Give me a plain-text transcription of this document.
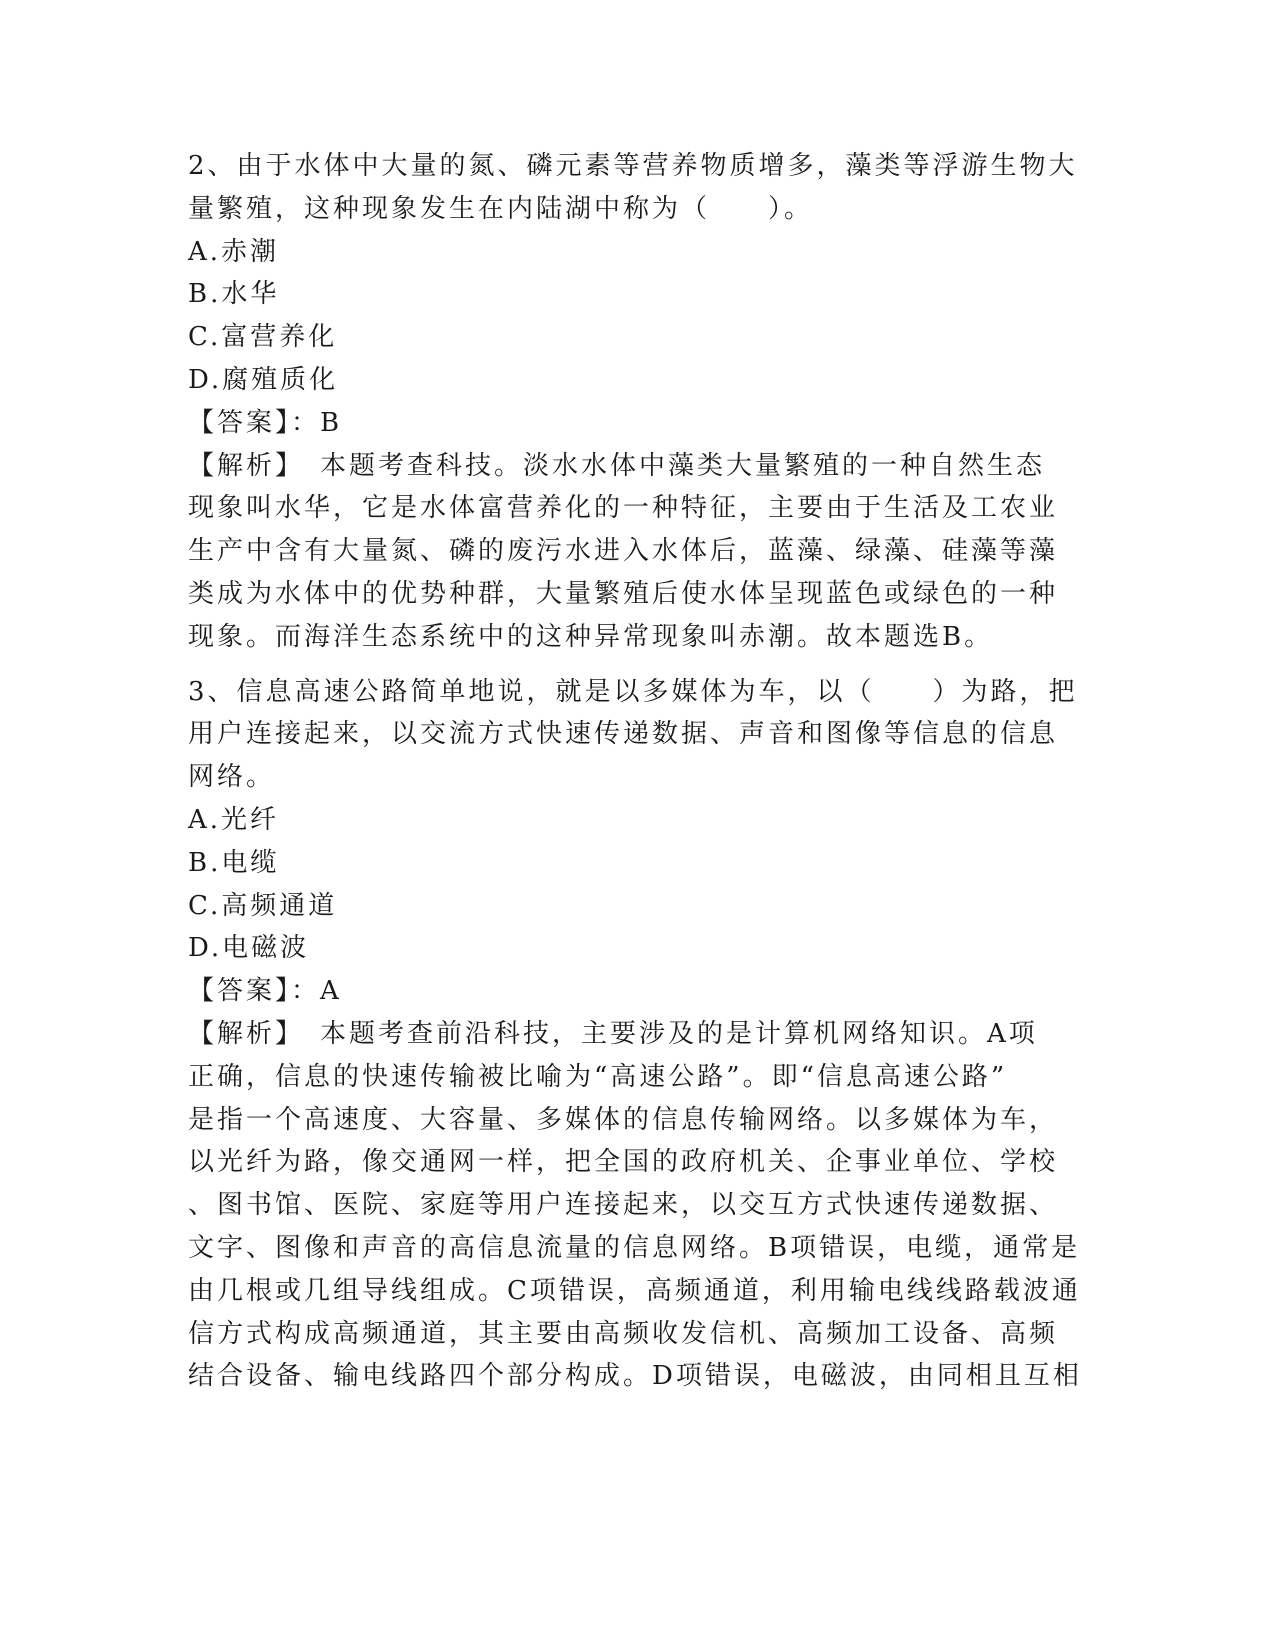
2、由于水体中大量的氮、磷元素等营养物质增多，藻类等浮游生物大
量繁殖，这种现象发生在内陆湖中称为（　　）。
A.赤潮
B.水华
C.富营养化
D.腐殖质化
【答案】：B
【解析】　本题考查科技。淡水水体中藻类大量繁殖的一种自然生态
现象叫水华，它是水体富营养化的一种特征，主要由于生活及工农业
生产中含有大量氮、磷的废污水进入水体后，蓝藻、绿藻、硅藻等藻
类成为水体中的优势种群，大量繁殖后使水体呈现蓝色或绿色的一种
现象。而海洋生态系统中的这种异常现象叫赤潮。故本题选B。
3、信息高速公路简单地说，就是以多媒体为车，以（　　）为路，把
用户连接起来，以交流方式快速传递数据、声音和图像等信息的信息
网络。
A.光纤
B.电缆
C.高频通道
D.电磁波
【答案】：A
【解析】　本题考查前沿科技，主要涉及的是计算机网络知识。A项
正确，信息的快速传输被比喻为“高速公路”。即“信息高速公路”
是指一个高速度、大容量、多媒体的信息传输网络。以多媒体为车，
以光纤为路，像交通网一样，把全国的政府机关、企事业单位、学校
、图书馆、医院、家庭等用户连接起来，以交互方式快速传递数据、
文字、图像和声音的高信息流量的信息网络。B项错误，电缆，通常是
由几根或几组导线组成。C项错误，高频通道，利用输电线线路载波通
信方式构成高频通道，其主要由高频收发信机、高频加工设备、高频
结合设备、输电线路四个部分构成。D项错误，电磁波，由同相且互相
